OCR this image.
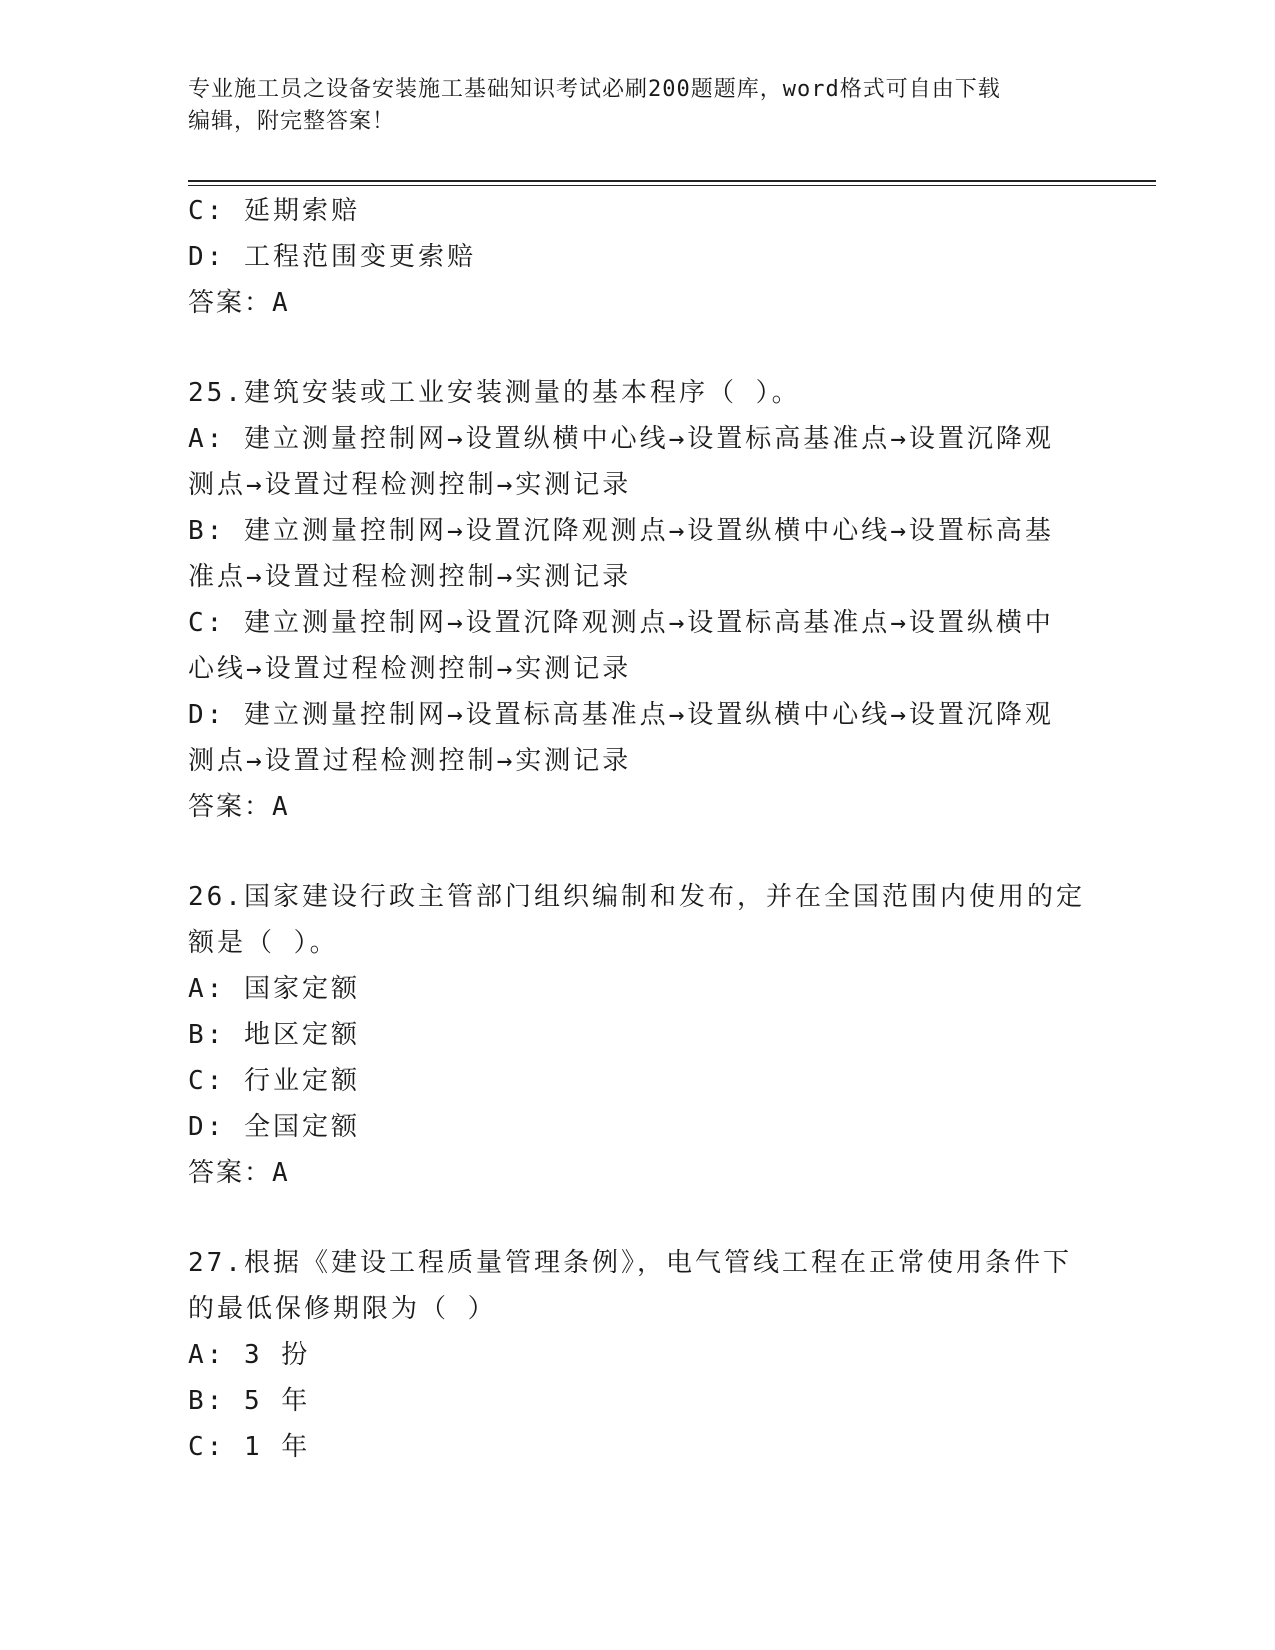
专业施工员之设备安装施工基础知识考试必刷200题题库，word格式可自由下载
编辑，附完整答案！
C: 延期索赔
D: 工程范围变更索赔
答案：A
25.建筑安装或工业安装测量的基本程序（ ）。
A: 建立测量控制网→设置纵横中心线→设置标高基准点→设置沉降观
测点→设置过程检测控制→实测记录
B: 建立测量控制网→设置沉降观测点→设置纵横中心线→设置标高基
准点→设置过程检测控制→实测记录
C: 建立测量控制网→设置沉降观测点→设置标高基准点→设置纵横中
心线→设置过程检测控制→实测记录
D: 建立测量控制网→设置标高基准点→设置纵横中心线→设置沉降观
测点→设置过程检测控制→实测记录
答案：A
26.国家建设行政主管部门组织编制和发布，并在全国范围内使用的定
额是（ ）。
A: 国家定额
B: 地区定额
C: 行业定额
D: 全国定额
答案：A
27.根据《建设工程质量管理条例》，电气管线工程在正常使用条件下
的最低保修期限为（ ）
A: 3 扮
B: 5 年
C: 1 年
